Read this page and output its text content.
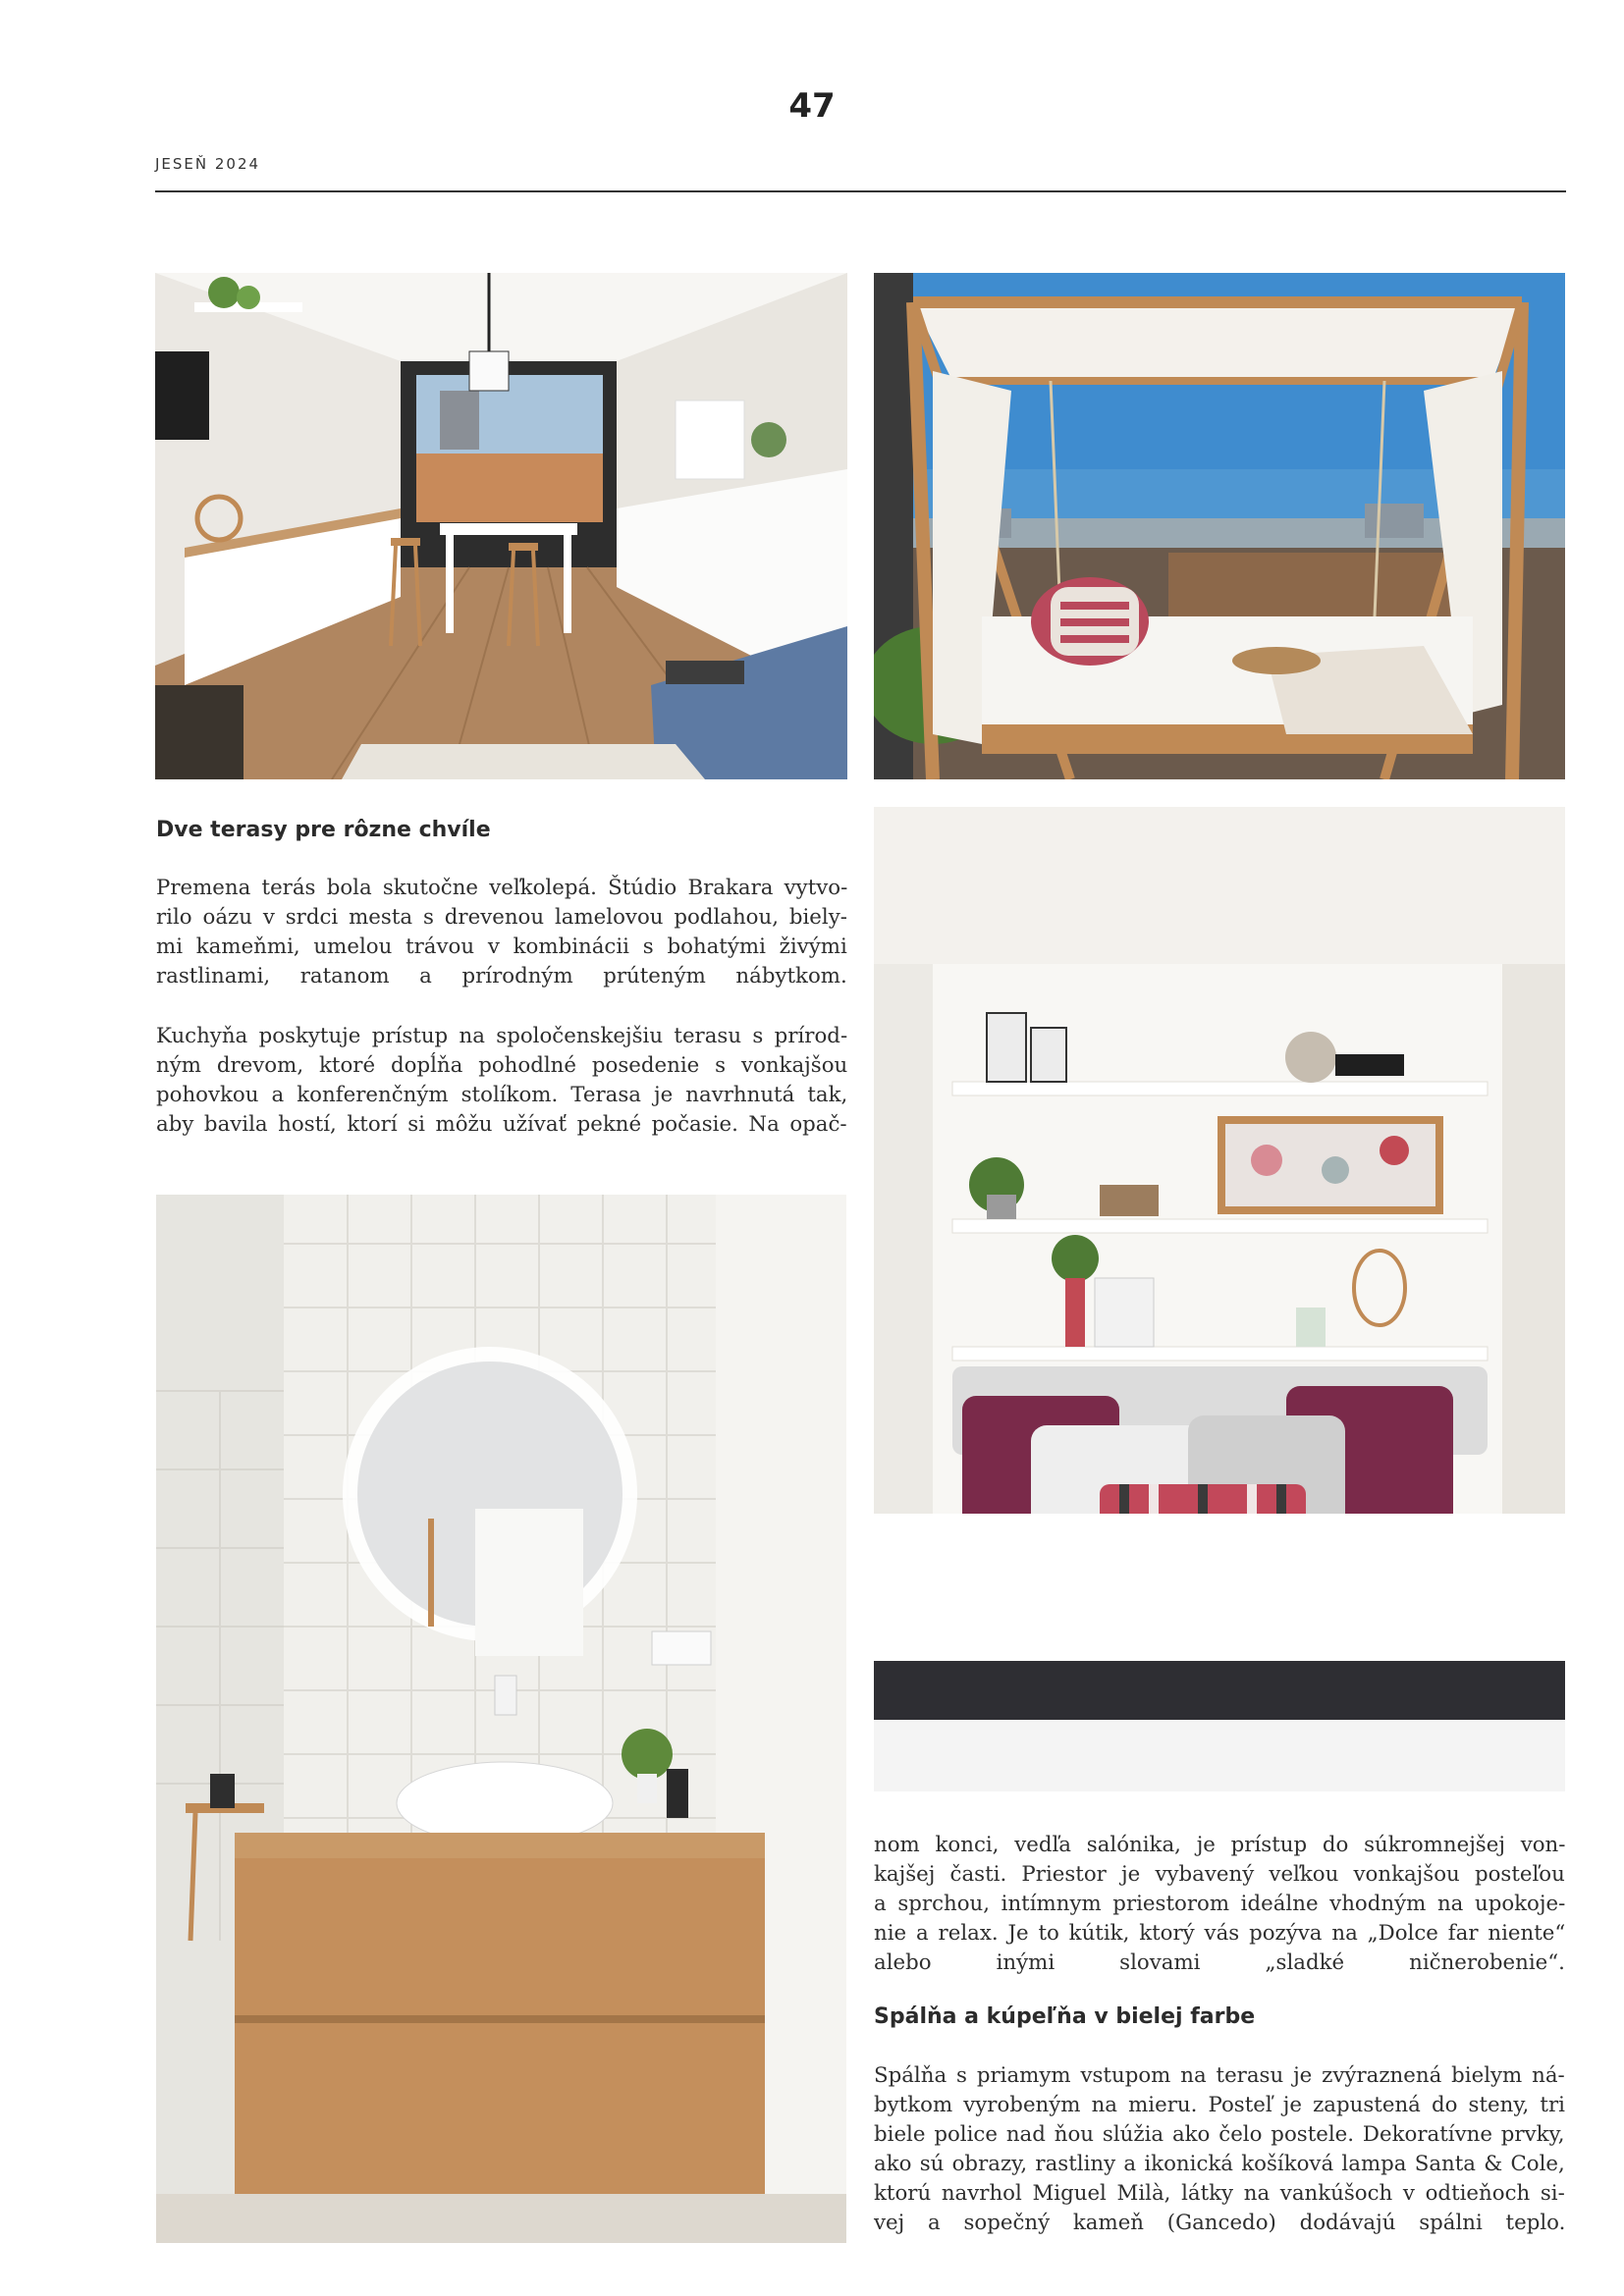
47
JESEŇ 2024
Dve terasy pre rôzne chvíle

Premena terás bola skutočne veľkolepá. Štúdio Brakara vytvo-
rilo oázu v srdci mesta s drevenou lamelovou podlahou, biely-
mi kameňmi, umelou trávou v kombinácii s bohatými živými
rastlinami, ratanom a prírodným prúteným nábytkom.

Kuchyňa poskytuje prístup na spoločenskejšiu terasu s prírod-
ným drevom, ktoré dopĺňa pohodlné posedenie s vonkajšou
pohovkou a konferenčným stolíkom. Terasa je navrhnutá tak,
aby bavila hostí, ktorí si môžu užívať pekné počasie. Na opač-

nom konci, vedľa salónika, je prístup do súkromnejšej von-
kajšej časti. Priestor je vybavený veľkou vonkajšou posteľou
a sprchou, intímnym priestorom ideálne vhodným na upokoje-
nie a relax. Je to kútik, ktorý vás pozýva na „Dolce far niente“
alebo inými slovami „sladké ničnerobenie“.

Spálňa a kúpeľňa v bielej farbe

Spálňa s priamym vstupom na terasu je zvýraznená bielym ná-
bytkom vyrobeným na mieru. Posteľ je zapustená do steny, tri
biele police nad ňou slúžia ako čelo postele. Dekoratívne prvky,
ako sú obrazy, rastliny a ikonická košíková lampa Santa & Cole,
ktorú navrhol Miguel Milà, látky na vankúšoch v odtieňoch si-
vej a sopečný kameň (Gancedo) dodávajú spálni teplo.
